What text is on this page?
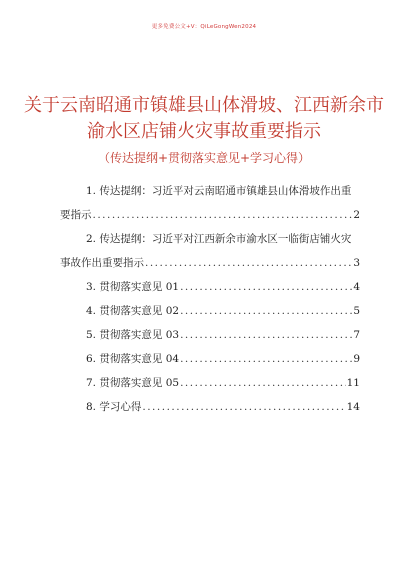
更多免费公文+V：QiLeGongWen2024
关于云南昭通市镇雄县山体滑坡、江西新余市
渝水区店铺火灾事故重要指示
（传达提纲+贯彻落实意见+学习心得）
1. 传达提纲：习近平对云南昭通市镇雄县山体滑坡作出重
要指示 .....	2
2. 传达提纲：习近平对江西新余市渝水区一临街店铺火灾
事故作出重要指示 .....	3
3.
贯彻落实意见 01 .....	4
4.
贯彻落实意见 02 .....	5
5.
贯彻落实意见 03 .....	7
6.
贯彻落实意见 04 .....	9
7.
贯彻落实意见 05 .....	11
8.
学习心得 .....	14
